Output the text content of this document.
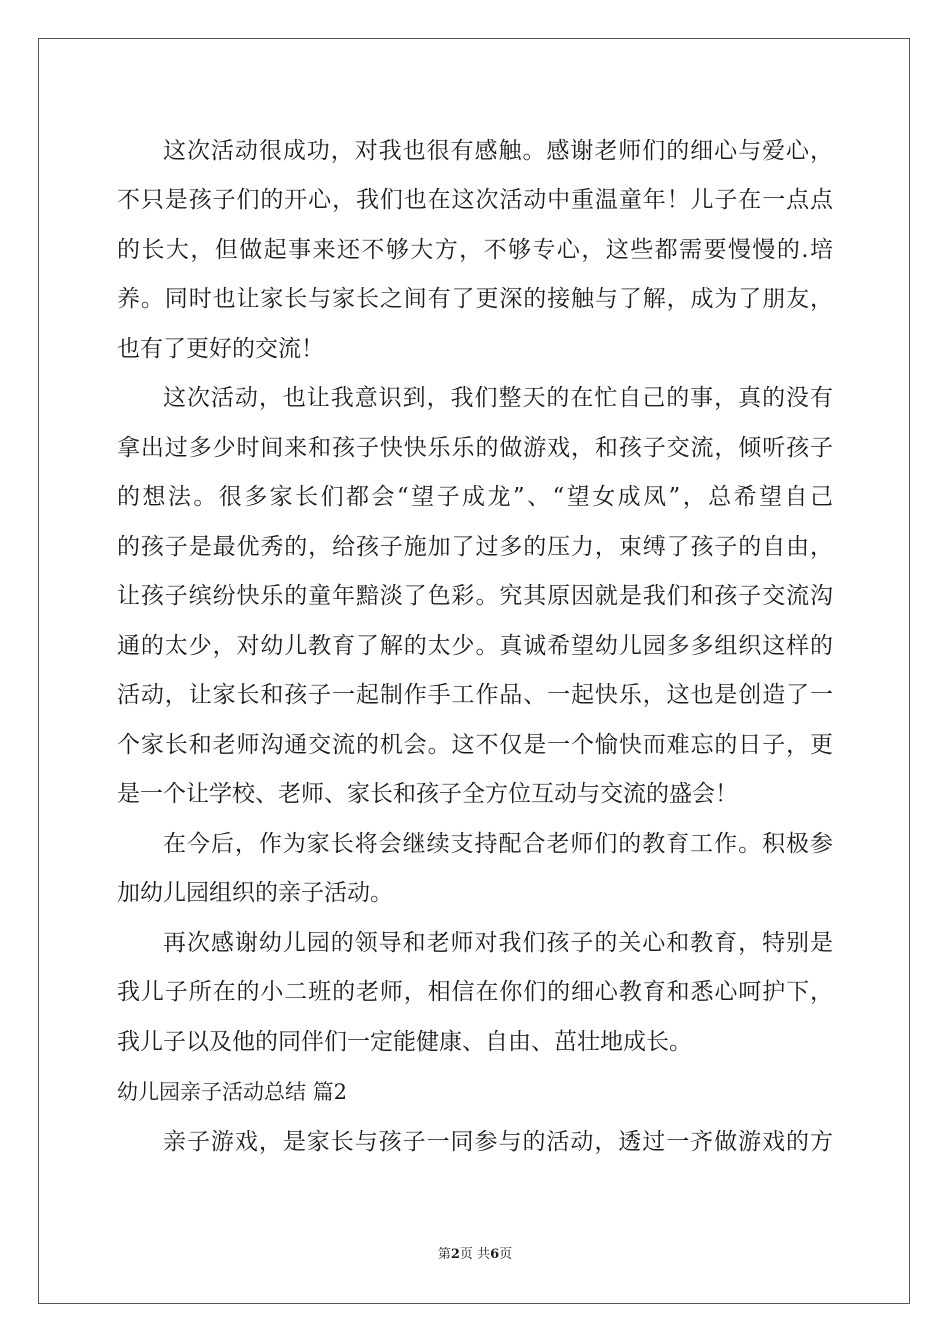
这次活动很成功，对我也很有感触。感谢老师们的细心与爱心，
不只是孩子们的开心，我们也在这次活动中重温童年！儿子在一点点
的长大，但做起事来还不够大方，不够专心，这些都需要慢慢的.培
养。同时也让家长与家长之间有了更深的接触与了解，成为了朋友，
也有了更好的交流！
这次活动，也让我意识到，我们整天的在忙自己的事，真的没有
拿出过多少时间来和孩子快快乐乐的做游戏，和孩子交流，倾听孩子
的想法。很多家长们都会“望子成龙”、“望女成凤”，总希望自己
的孩子是最优秀的，给孩子施加了过多的压力，束缚了孩子的自由，
让孩子缤纷快乐的童年黯淡了色彩。究其原因就是我们和孩子交流沟
通的太少，对幼儿教育了解的太少。真诚希望幼儿园多多组织这样的
活动，让家长和孩子一起制作手工作品、一起快乐，这也是创造了一
个家长和老师沟通交流的机会。这不仅是一个愉快而难忘的日子，更
是一个让学校、老师、家长和孩子全方位互动与交流的盛会！
在今后，作为家长将会继续支持配合老师们的教育工作。积极参
加幼儿园组织的亲子活动。
再次感谢幼儿园的领导和老师对我们孩子的关心和教育，特别是
我儿子所在的小二班的老师，相信在你们的细心教育和悉心呵护下，
我儿子以及他的同伴们一定能健康、自由、茁壮地成长。
幼儿园亲子活动总结 篇2
亲子游戏，是家长与孩子一同参与的活动，透过一齐做游戏的方
第2页 共6页
